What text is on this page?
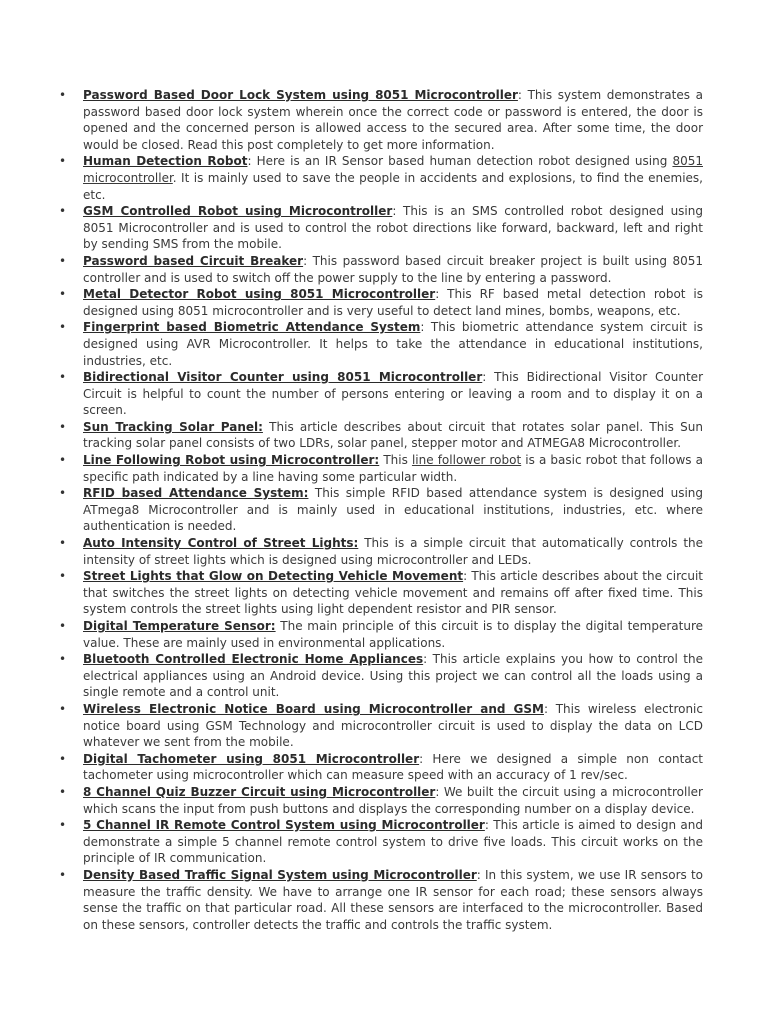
• Password Based Door Lock System using 8051 Microcontroller: This system demonstrates a password based door lock system wherein once the correct code or password is entered, the door is opened and the concerned person is allowed access to the secured area. After some time, the door would be closed. Read this post completely to get more information.
• Human Detection Robot: Here is an IR Sensor based human detection robot designed using 8051 microcontroller. It is mainly used to save the people in accidents and explosions, to find the enemies, etc.
• GSM Controlled Robot using Microcontroller: This is an SMS controlled robot designed using 8051 Microcontroller and is used to control the robot directions like forward, backward, left and right by sending SMS from the mobile.
• Password based Circuit Breaker: This password based circuit breaker project is built using 8051 controller and is used to switch off the power supply to the line by entering a password.
• Metal Detector Robot using 8051 Microcontroller: This RF based metal detection robot is designed using 8051 microcontroller and is very useful to detect land mines, bombs, weapons, etc.
• Fingerprint based Biometric Attendance System: This biometric attendance system circuit is designed using AVR Microcontroller. It helps to take the attendance in educational institutions, industries, etc.
• Bidirectional Visitor Counter using 8051 Microcontroller: This Bidirectional Visitor Counter Circuit is helpful to count the number of persons entering or leaving a room and to display it on a screen.
• Sun Tracking Solar Panel: This article describes about circuit that rotates solar panel. This Sun tracking solar panel consists of two LDRs, solar panel, stepper motor and ATMEGA8 Microcontroller.
• Line Following Robot using Microcontroller: This line follower robot is a basic robot that follows a specific path indicated by a line having some particular width.
• RFID based Attendance System: This simple RFID based attendance system is designed using ATmega8 Microcontroller and is mainly used in educational institutions, industries, etc. where authentication is needed.
• Auto Intensity Control of Street Lights: This is a simple circuit that automatically controls the intensity of street lights which is designed using microcontroller and LEDs.
• Street Lights that Glow on Detecting Vehicle Movement: This article describes about the circuit that switches the street lights on detecting vehicle movement and remains off after fixed time. This system controls the street lights using light dependent resistor and PIR sensor.
• Digital Temperature Sensor: The main principle of this circuit is to display the digital temperature value. These are mainly used in environmental applications.
• Bluetooth Controlled Electronic Home Appliances: This article explains you how to control the electrical appliances using an Android device. Using this project we can control all the loads using a single remote and a control unit.
• Wireless Electronic Notice Board using Microcontroller and GSM: This wireless electronic notice board using GSM Technology and microcontroller circuit is used to display the data on LCD whatever we sent from the mobile.
• Digital Tachometer using 8051 Microcontroller: Here we designed a simple non contact tachometer using microcontroller which can measure speed with an accuracy of 1 rev/sec.
• 8 Channel Quiz Buzzer Circuit using Microcontroller: We built the circuit using a microcontroller which scans the input from push buttons and displays the corresponding number on a display device.
• 5 Channel IR Remote Control System using Microcontroller: This article is aimed to design and demonstrate a simple 5 channel remote control system to drive five loads. This circuit works on the principle of IR communication.
• Density Based Traffic Signal System using Microcontroller: In this system, we use IR sensors to measure the traffic density. We have to arrange one IR sensor for each road; these sensors always sense the traffic on that particular road. All these sensors are interfaced to the microcontroller. Based on these sensors, controller detects the traffic and controls the traffic system.
